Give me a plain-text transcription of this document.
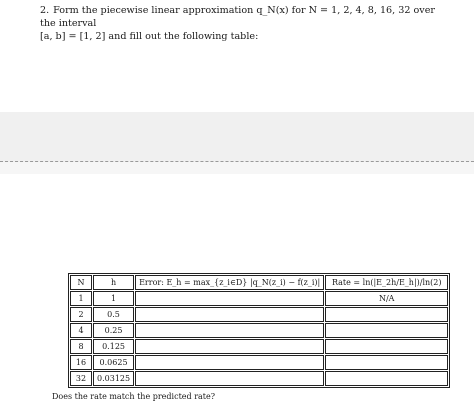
2. Form the piecewise linear approximation q_N(x) for N = 1, 2, 4, 8, 16, 32 over the interval
[a, b] = [1, 2] and fill out the following table:
N	h	Error: E_h = max_{z_i∈D} |q_N(z_i) − f(z_i)|	Rate = ln(|E_2h/E_h|)/ln(2)
1	1		N/A
2	0.5		
4	0.25		
8	0.125		
16	0.0625		
32	0.03125		
Does the rate match the predicted rate?
